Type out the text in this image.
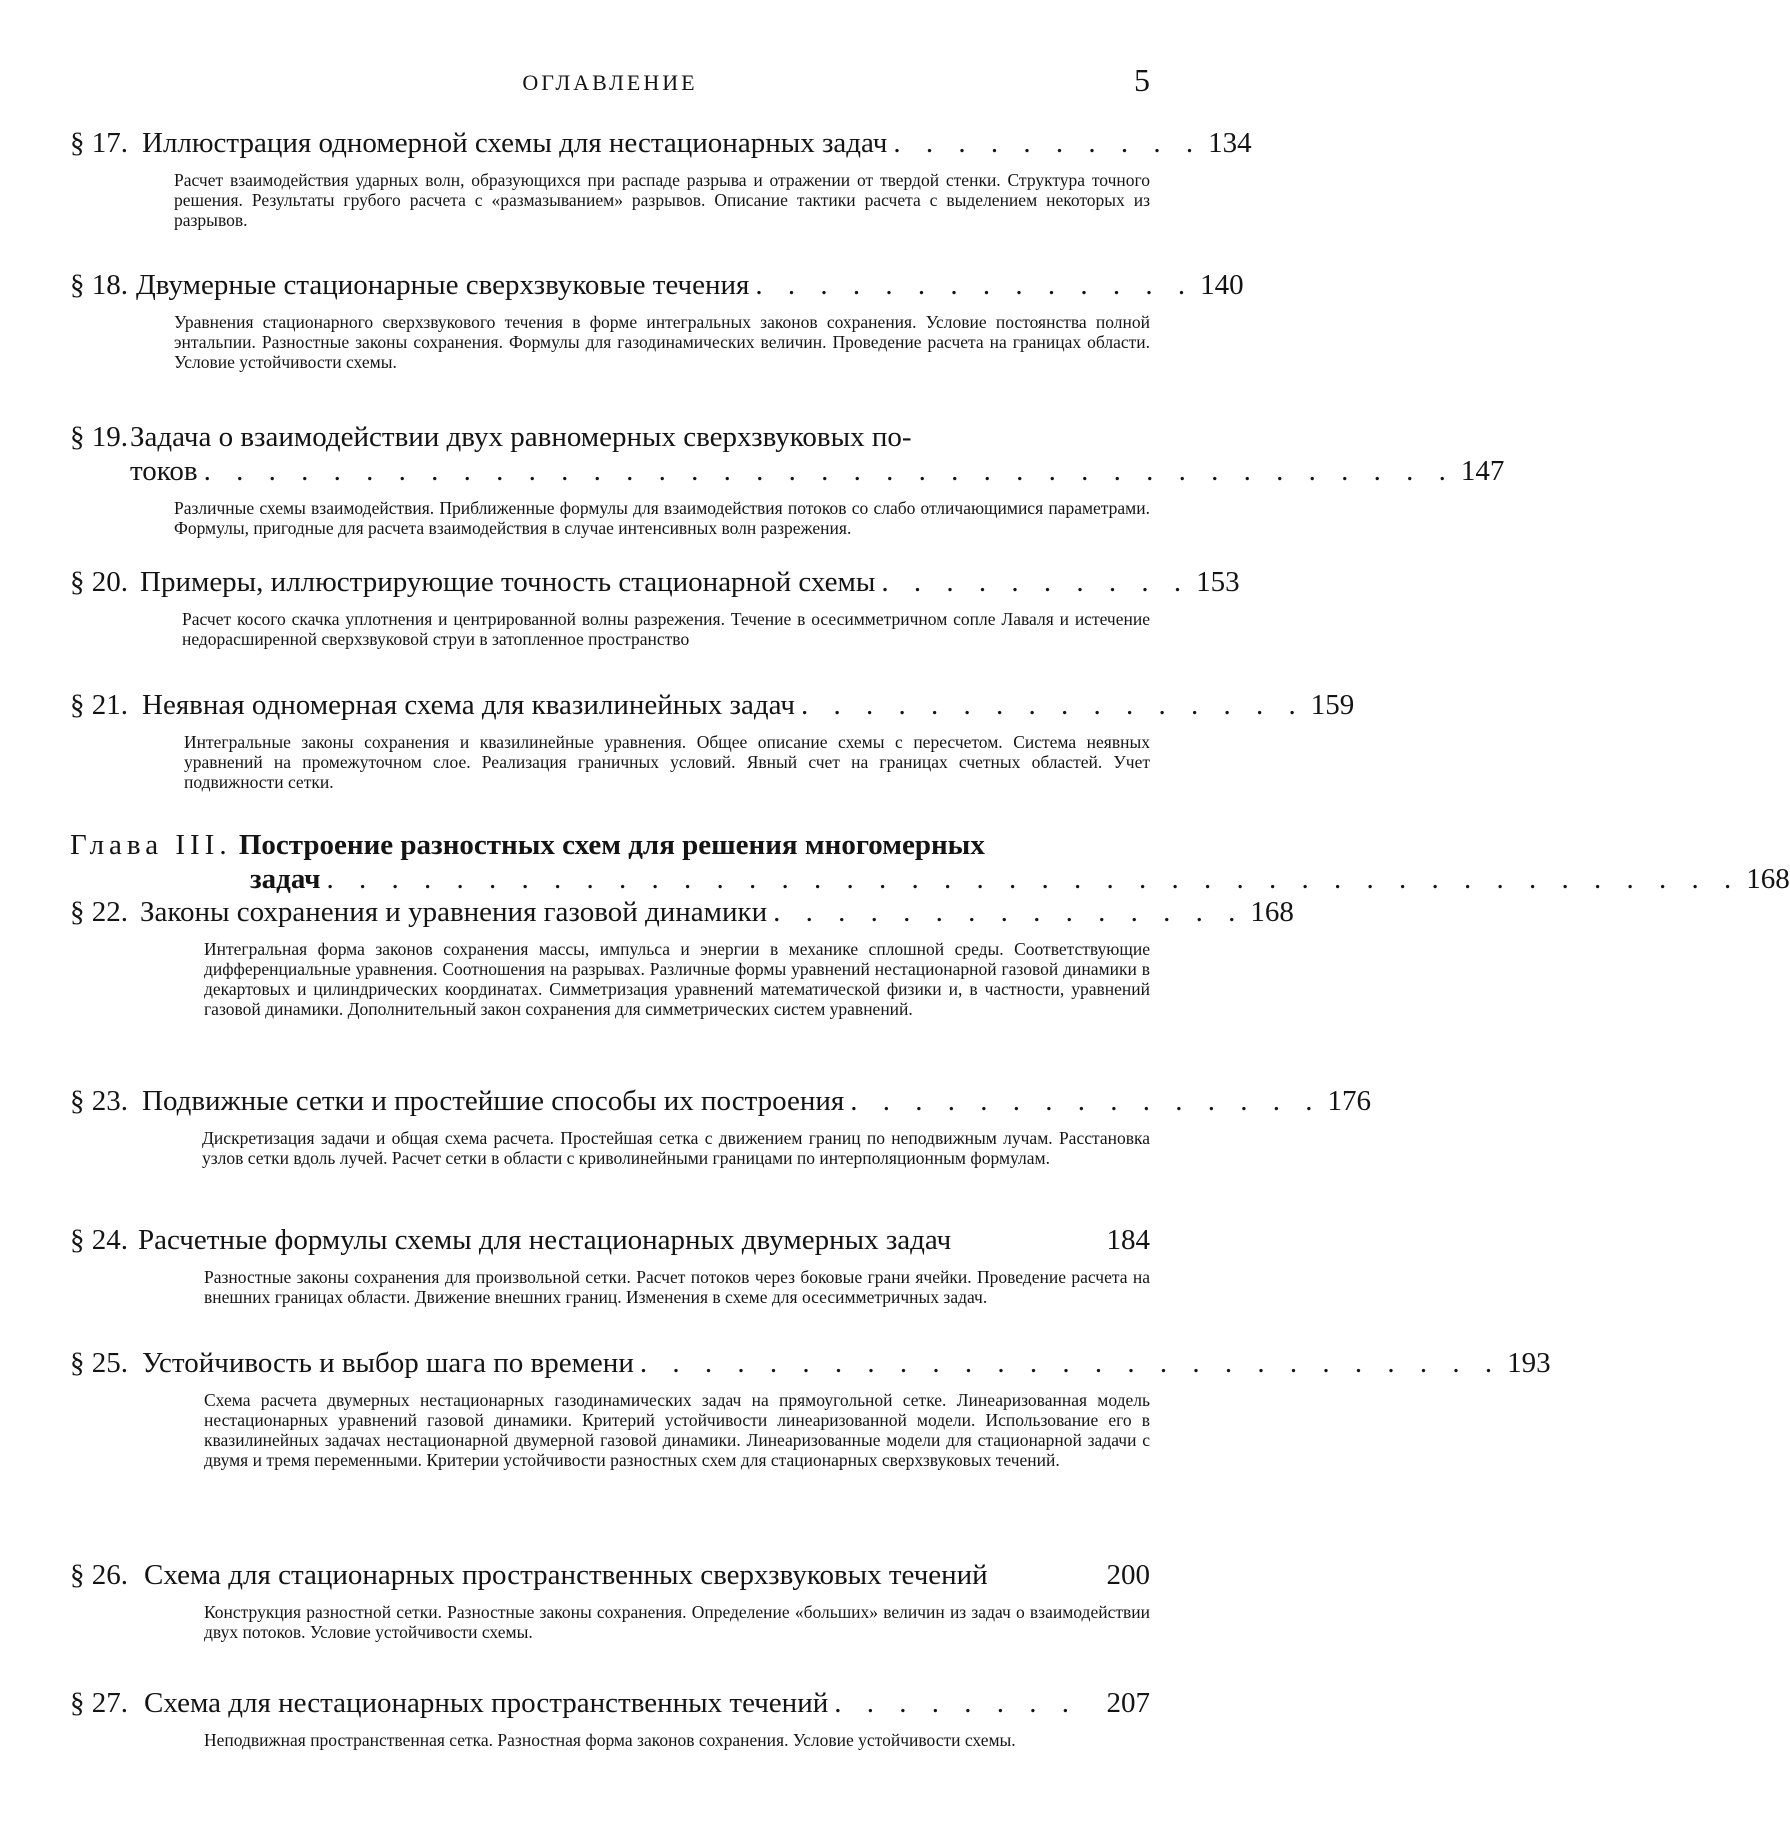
ОГЛАВЛЕНИЕ	5
§ 17. Иллюстрация одномерной схемы для нестационарных задач . . . . . . . . . . 134
Расчет взаимодействия ударных волн, образующихся при распаде разрыва и отражении от твердой стенки. Структура точного решения. Результаты грубого расчета с «размазыванием» разрывов. Описание тактики расчета с выделением некоторых из разрывов.
§ 18. Двумерные стационарные сверхзвуковые течения . . . . . . . . . . . . . . 140
Уравнения стационарного сверхзвукового течения в форме интегральных законов сохранения. Условие постоянства полной энтальпии. Разностные законы сохранения. Формулы для газодинамических величин. Проведение расчета на границах области. Условие устойчивости схемы.
§ 19.Задача о взаимодействии двух равномерных сверхзвуковых по-
токов . . . . . . . . . . . . . . . . . . . . . . . . . . . . . . . . . . . . . . . 147
Различные схемы взаимодействия. Приближенные формулы для взаимодействия потоков со слабо отличающимися параметрами. Формулы, пригодные для расчета взаимодействия в случае интенсивных волн разрежения.
§ 20. Примеры, иллюстрирующие точность стационарной схемы . . . . . . . . . . 153
Расчет косого скачка уплотнения и центрированной волны разрежения. Течение в осесимметричном сопле Лаваля и истечение недорасширенной сверхзвуковой струи в затопленное пространство
§ 21. Неявная одномерная схема для квазилинейных задач . . . . . . . . . . . . . . . . 159
Интегральные законы сохранения и квазилинейные уравнения. Общее описание схемы с пересчетом. Система неявных уравнений на промежуточном слое. Реализация граничных условий. Явный счет на границах счетных областей. Учет подвижности сетки.
Глава III. Построение разностных схем для решения многомерных
задач . . . . . . . . . . . . . . . . . . . . . . . . . . . . . . . . . . . . . . . . . . . . 168
§ 22. Законы сохранения и уравнения газовой динамики . . . . . . . . . . . . . . . 168
Интегральная форма законов сохранения массы, импульса и энергии в механике сплошной среды. Соответствующие дифференциальные уравнения. Соотношения на разрывах. Различные формы уравнений нестационарной газовой динамики в декартовых и цилиндрических координатах. Симметризация уравнений математической физики и, в частности, уравнений газовой динамики. Дополнительный закон сохранения для симметрических систем уравнений.
§ 23. Подвижные сетки и простейшие способы их построения . . . . . . . . . . . . . . . 176
Дискретизация задачи и общая схема расчета. Простейшая сетка с движением границ по неподвижным лучам. Расстановка узлов сетки вдоль лучей. Расчет сетки в области с криволинейными границами по интерполяционным формулам.
§ 24. Расчетные формулы схемы для нестационарных двумерных задач	184
Разностные законы сохранения для произвольной сетки. Расчет потоков через боковые грани ячейки. Проведение расчета на внешних границах области. Движение внешних границ. Изменения в схеме для осесимметричных задач.
§ 25. Устойчивость и выбор шага по времени . . . . . . . . . . . . . . . . . . . . . . . . . . . 193
Схема расчета двумерных нестационарных газодинамических задач на прямоугольной сетке. Линеаризованная модель нестационарных уравнений газовой динамики. Критерий устойчивости линеаризованной модели. Использование его в квазилинейных задачах нестационарной двумерной газовой динамики. Линеаризованные модели для стационарной задачи с двумя и тремя переменными. Критерии устойчивости разностных схем для стационарных сверхзвуковых течений.
§ 26. Схема для стационарных пространственных сверхзвуковых течений	200
Конструкция разностной сетки. Разностные законы сохранения. Определение «больших» величин из задач о взаимодействии двух потоков. Условие устойчивости схемы.
§ 27. Схема для нестационарных пространственных течений . . . . . . . . 207
Неподвижная пространственная сетка. Разностная форма законов сохранения. Условие устойчивости схемы.
